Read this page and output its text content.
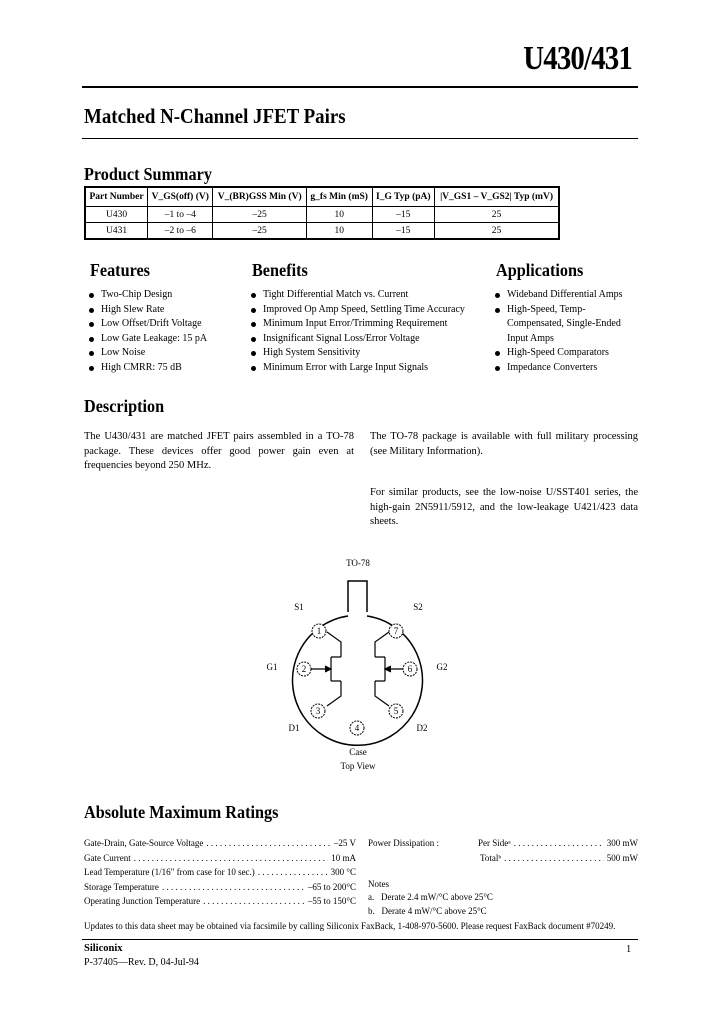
U430/431
Matched N-Channel JFET Pairs
Product Summary
Part Number	V_GS(off) (V)	V_(BR)GSS Min (V)	g_fs Min (mS)	I_G Typ (pA)	|V_GS1 – V_GS2| Typ (mV)
U430	–1 to –4	–25	10	–15	25
U431	–2 to –6	–25	10	–15	25
Features
Two-Chip Design
High Slew Rate
Low Offset/Drift Voltage
Low Gate Leakage: 15 pA
Low Noise
High CMRR: 75 dB
Benefits
Tight Differential Match vs. Current
Improved Op Amp Speed, Settling Time Accuracy
Minimum Input Error/Trimming Requirement
Insignificant Signal Loss/Error Voltage
High System Sensitivity
Minimum Error with Large Input Signals
Applications
Wideband Differential Amps
High-Speed, Temp-Compensated, Single-Ended Input Amps
High-Speed Comparators
Impedance Converters
Description
The U430/431 are matched JFET pairs assembled in a TO-78 package. These devices offer good power gain even at frequencies beyond 250 MHz.
The TO-78 package is available with full military processing (see Military Information).
For similar products, see the low-noise U/SST401 series, the high-gain 2N5911/5912, and the low-leakage U421/423 data sheets.
TO-78
1
2
3
4
5
6
7
S1	S2
G1	G2
D1	D2
Case
Top View
Absolute Maximum Ratings
Gate-Drain, Gate-Source Voltage . . .	–25 V
Gate Current . . .	10 mA
Lead Temperature (1/16" from case for 10 sec.) . . .	300 °C
Storage Temperature . . .	–65 to 200°C
Operating Junction Temperature . . .	–55 to 150°C
Power Dissipation :	Per Sideᵃ . . .	300 mW
Totalᵇ . . .	500 mW
Notes
a.   Derate 2.4 mW/°C above 25°C
b.   Derate 4 mW/°C above 25°C
Updates to this data sheet may be obtained via facsimile by calling Siliconix FaxBack, 1-408-970-5600. Please request FaxBack document #70249.
Siliconix
P-37405—Rev. D, 04-Jul-94
1
